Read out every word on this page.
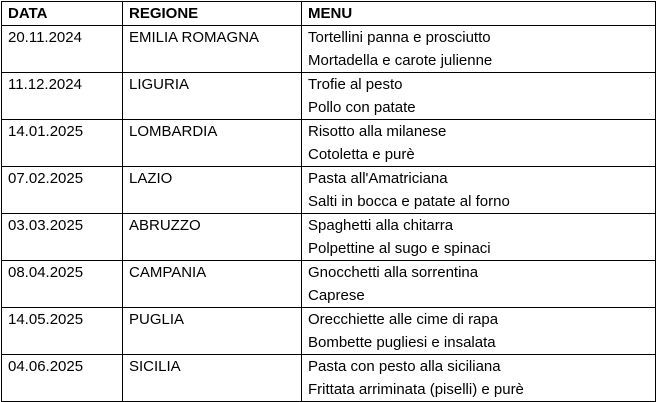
DATA	REGIONE	MENU
20.11.2024	EMILIA ROMAGNA	Tortellini panna e prosciutto
Mortadella e carote julienne

11.12.2024	LIGURIA	Trofie al pesto
Pollo con patate

14.01.2025	LOMBARDIA	Risotto alla milanese
Cotoletta e purè

07.02.2025	LAZIO	Pasta all'Amatriciana
Salti in bocca e patate al forno

03.03.2025	ABRUZZO	Spaghetti alla chitarra
Polpettine al sugo e spinaci

08.04.2025	CAMPANIA	Gnocchetti alla sorrentina
Caprese

14.05.2025	PUGLIA	Orecchiette alle cime di rapa
Bombette pugliesi e insalata

04.06.2025	SICILIA	Pasta con pesto alla siciliana
Frittata arriminata (piselli) e purè
